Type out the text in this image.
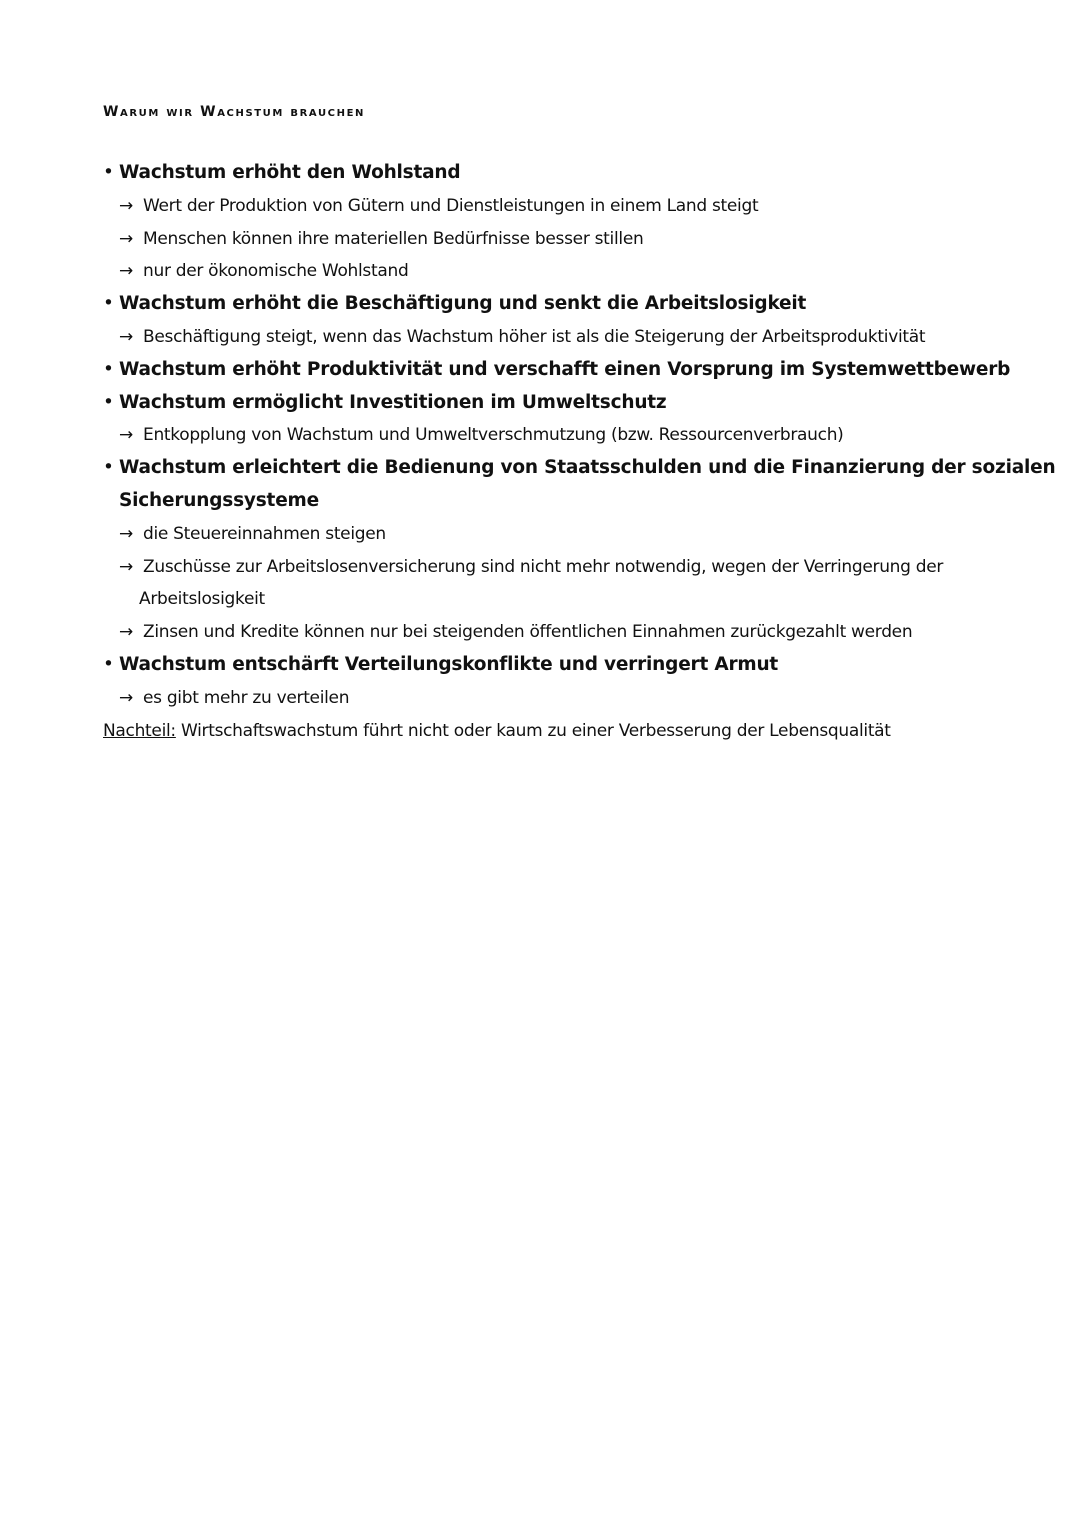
Warum wir Wachstum brauchen
• Wachstum erhöht den Wohlstand
→ Wert der Produktion von Gütern und Dienstleistungen in einem Land steigt
→ Menschen können ihre materiellen Bedürfnisse besser stillen
→ nur der ökonomische Wohlstand
• Wachstum erhöht die Beschäftigung und senkt die Arbeitslosigkeit
→ Beschäftigung steigt, wenn das Wachstum höher ist als die Steigerung der Arbeitsproduktivität
• Wachstum erhöht Produktivität und verschafft einen Vorsprung im Systemwettbewerb
• Wachstum ermöglicht Investitionen im Umweltschutz
→ Entkopplung von Wachstum und Umweltverschmutzung (bzw. Ressourcenverbrauch)
• Wachstum erleichtert die Bedienung von Staatsschulden und die Finanzierung der sozialen
Sicherungssysteme
→ die Steuereinnahmen steigen
→ Zuschüsse zur Arbeitslosenversicherung sind nicht mehr notwendig, wegen der Verringerung der
Arbeitslosigkeit
→ Zinsen und Kredite können nur bei steigenden öffentlichen Einnahmen zurückgezahlt werden
• Wachstum entschärft Verteilungskonflikte und verringert Armut
→ es gibt mehr zu verteilen
Nachteil: Wirtschaftswachstum führt nicht oder kaum zu einer Verbesserung der Lebensqualität
